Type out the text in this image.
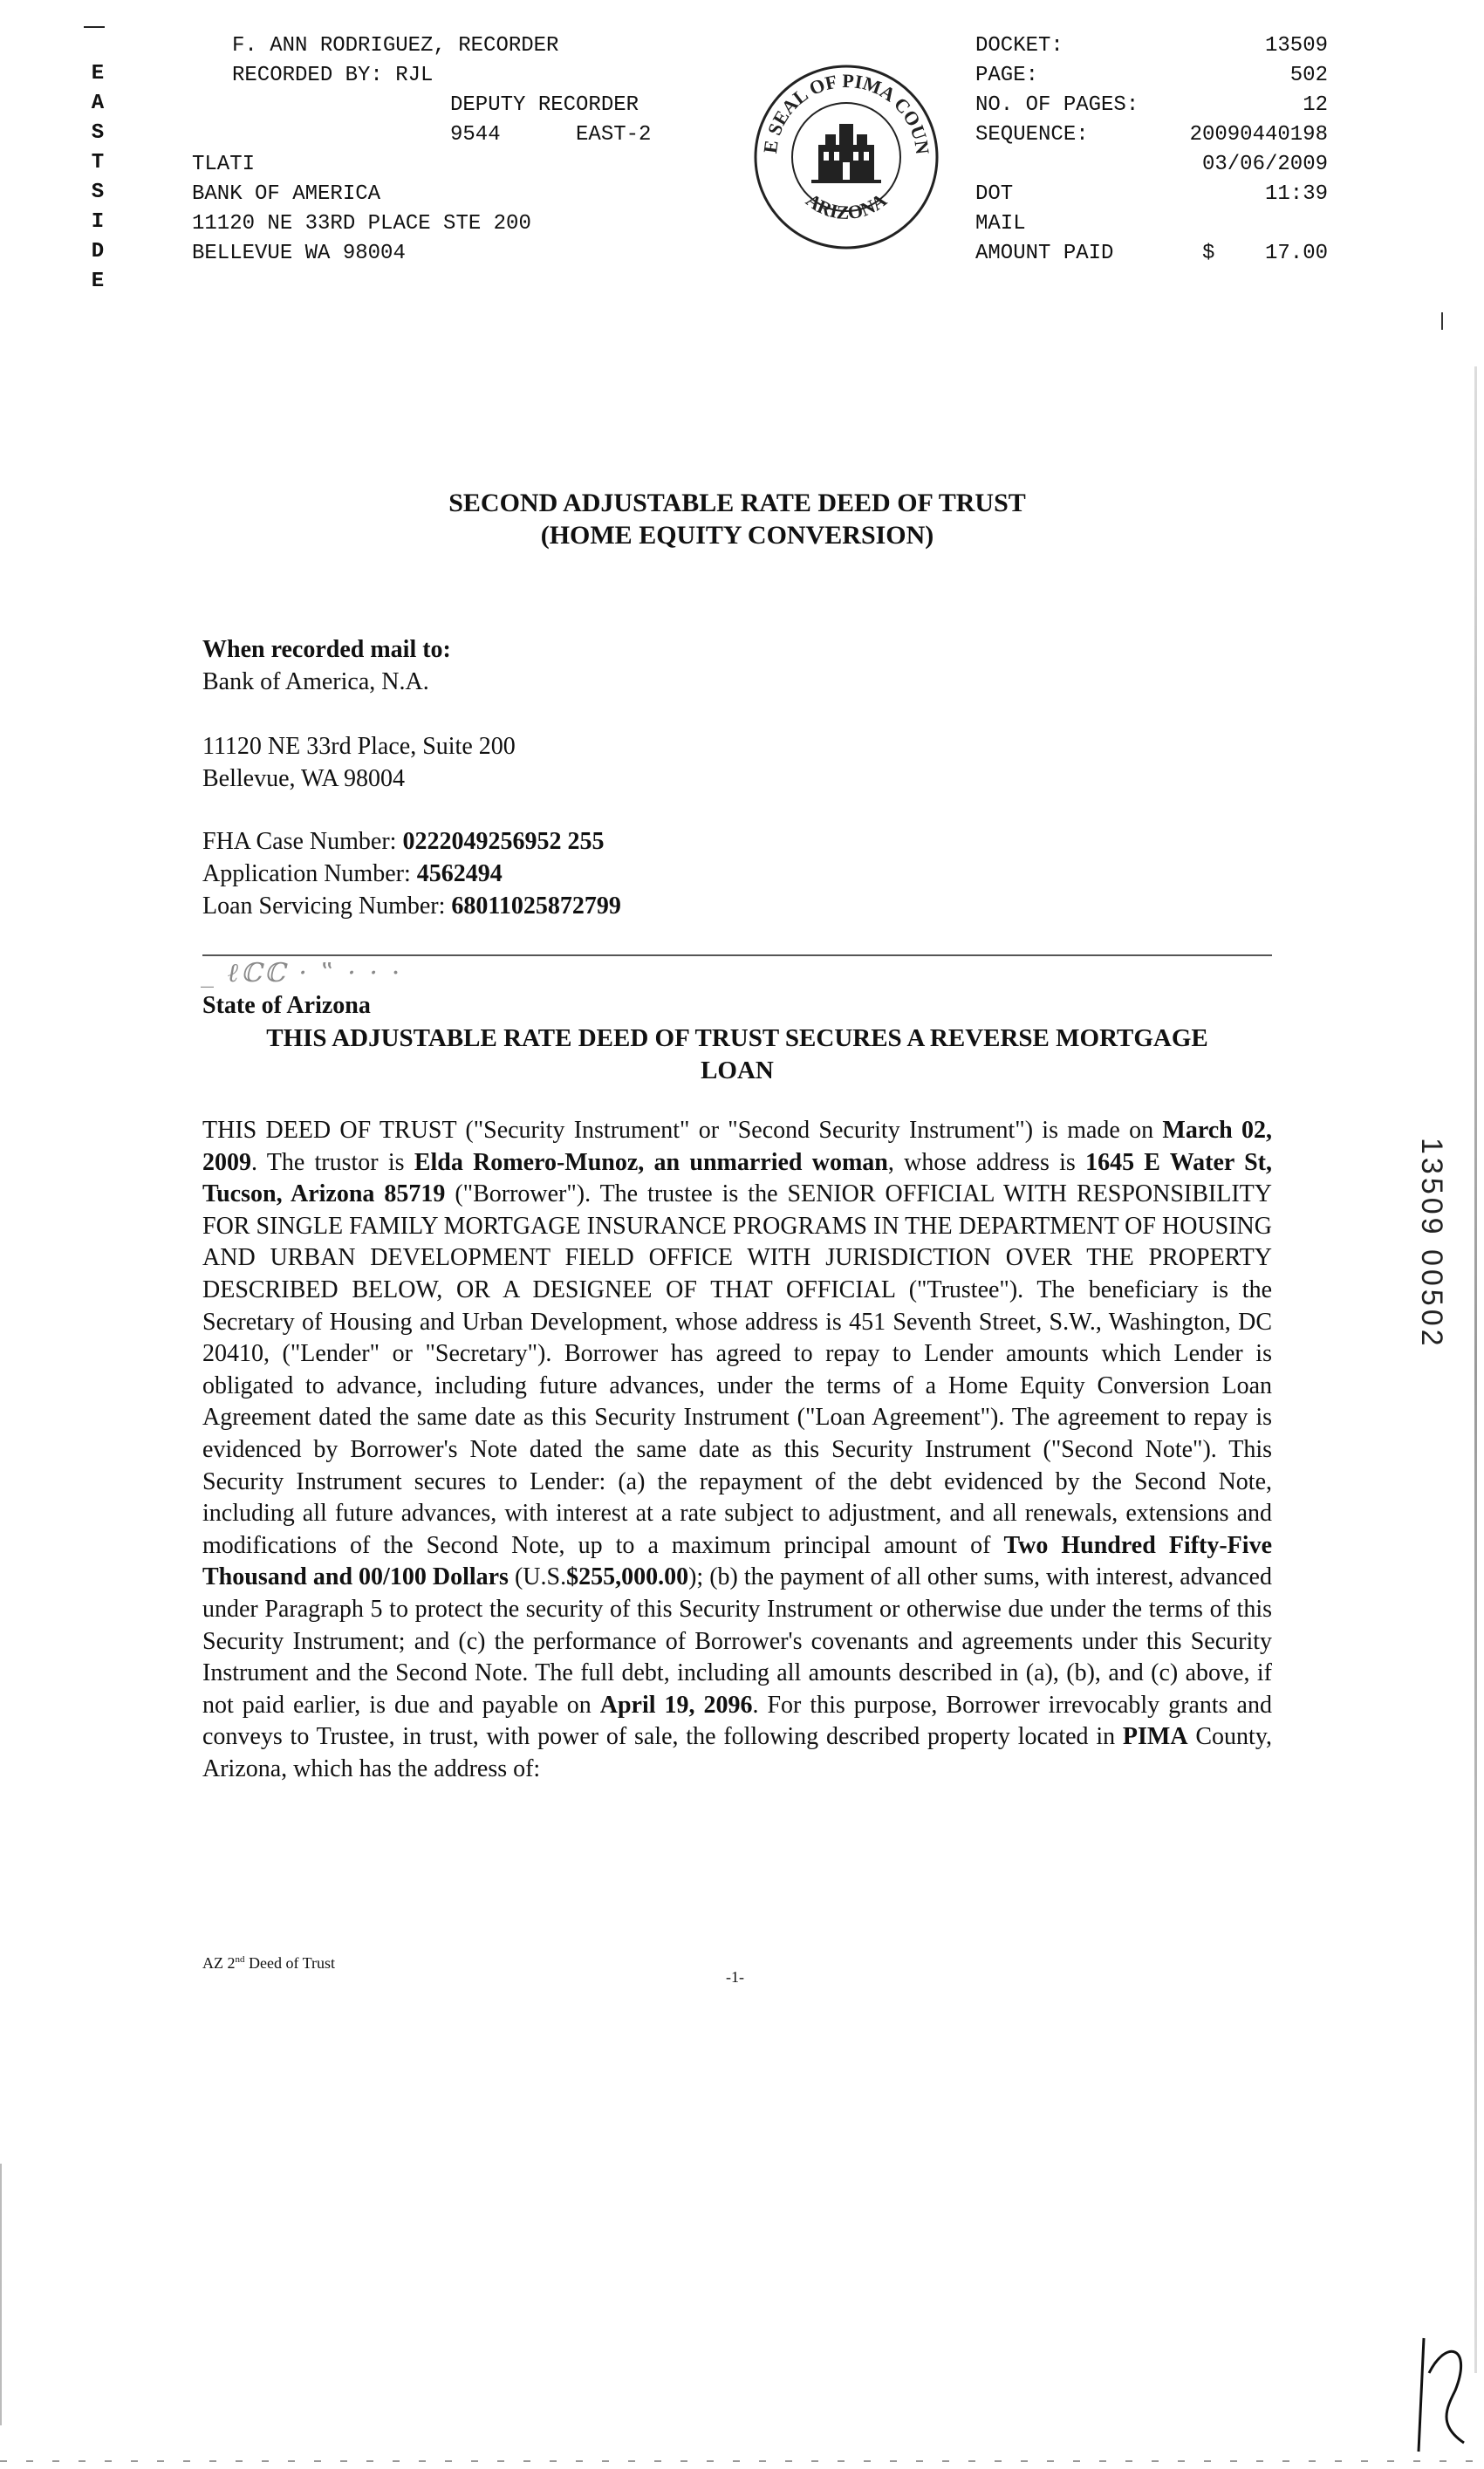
E
A
S
T
S
I
D
E
F. ANN RODRIGUEZ, RECORDER
RECORDED BY: RJL
DEPUTY RECORDER
9544	EAST-2
TLATI
BANK OF AMERICA
11120 NE 33RD PLACE STE 200
BELLEVUE WA 98004
E SEAL OF PIMA COUN
ARIZONA
DOCKET:	13509
PAGE:	502
NO. OF PAGES:	12
SEQUENCE:	20090440198
03/06/2009
DOT	11:39
MAIL
AMOUNT PAID	$ 17.00
SECOND ADJUSTABLE RATE DEED OF TRUST
(HOME EQUITY CONVERSION)
When recorded mail to:
Bank of America, N.A.
11120 NE 33rd Place, Suite 200
Bellevue, WA 98004
FHA Case Number: 0222049256952 255
Application Number: 4562494
Loan Servicing Number: 68011025872799
_ ℓℂℂ · ‟ · · ⋅
State of Arizona
THIS ADJUSTABLE RATE DEED OF TRUST SECURES A REVERSE MORTGAGE
LOAN
THIS DEED OF TRUST ("Security Instrument" or "Second Security Instrument") is made on March 02, 2009. The trustor is Elda Romero-Munoz, an unmarried woman, whose address is 1645 E Water St, Tucson, Arizona 85719 ("Borrower"). The trustee is the SENIOR OFFICIAL WITH RESPONSIBILITY FOR SINGLE FAMILY MORTGAGE INSURANCE PROGRAMS IN THE DEPARTMENT OF HOUSING AND URBAN DEVELOPMENT FIELD OFFICE WITH JURISDICTION OVER THE PROPERTY DESCRIBED BELOW, OR A DESIGNEE OF THAT OFFICIAL ("Trustee"). The beneficiary is the Secretary of Housing and Urban Development, whose address is 451 Seventh Street, S.W., Washington, DC 20410, ("Lender" or "Secretary"). Borrower has agreed to repay to Lender amounts which Lender is obligated to advance, including future advances, under the terms of a Home Equity Conversion Loan Agreement dated the same date as this Security Instrument ("Loan Agreement"). The agreement to repay is evidenced by Borrower's Note dated the same date as this Security Instrument ("Second Note"). This Security Instrument secures to Lender: (a) the repayment of the debt evidenced by the Second Note, including all future advances, with interest at a rate subject to adjustment, and all renewals, extensions and modifications of the Second Note, up to a maximum principal amount of Two Hundred Fifty-Five Thousand and 00/100 Dollars (U.S.$255,000.00); (b) the payment of all other sums, with interest, advanced under Paragraph 5 to protect the security of this Security Instrument or otherwise due under the terms of this Security Instrument; and (c) the performance of Borrower's covenants and agreements under this Security Instrument and the Second Note. The full debt, including all amounts described in (a), (b), and (c) above, if not paid earlier, is due and payable on April 19, 2096. For this purpose, Borrower irrevocably grants and conveys to Trustee, in trust, with power of sale, the following described property located in PIMA County, Arizona, which has the address of:
13509 00502
AZ 2nd Deed of Trust
-1-
